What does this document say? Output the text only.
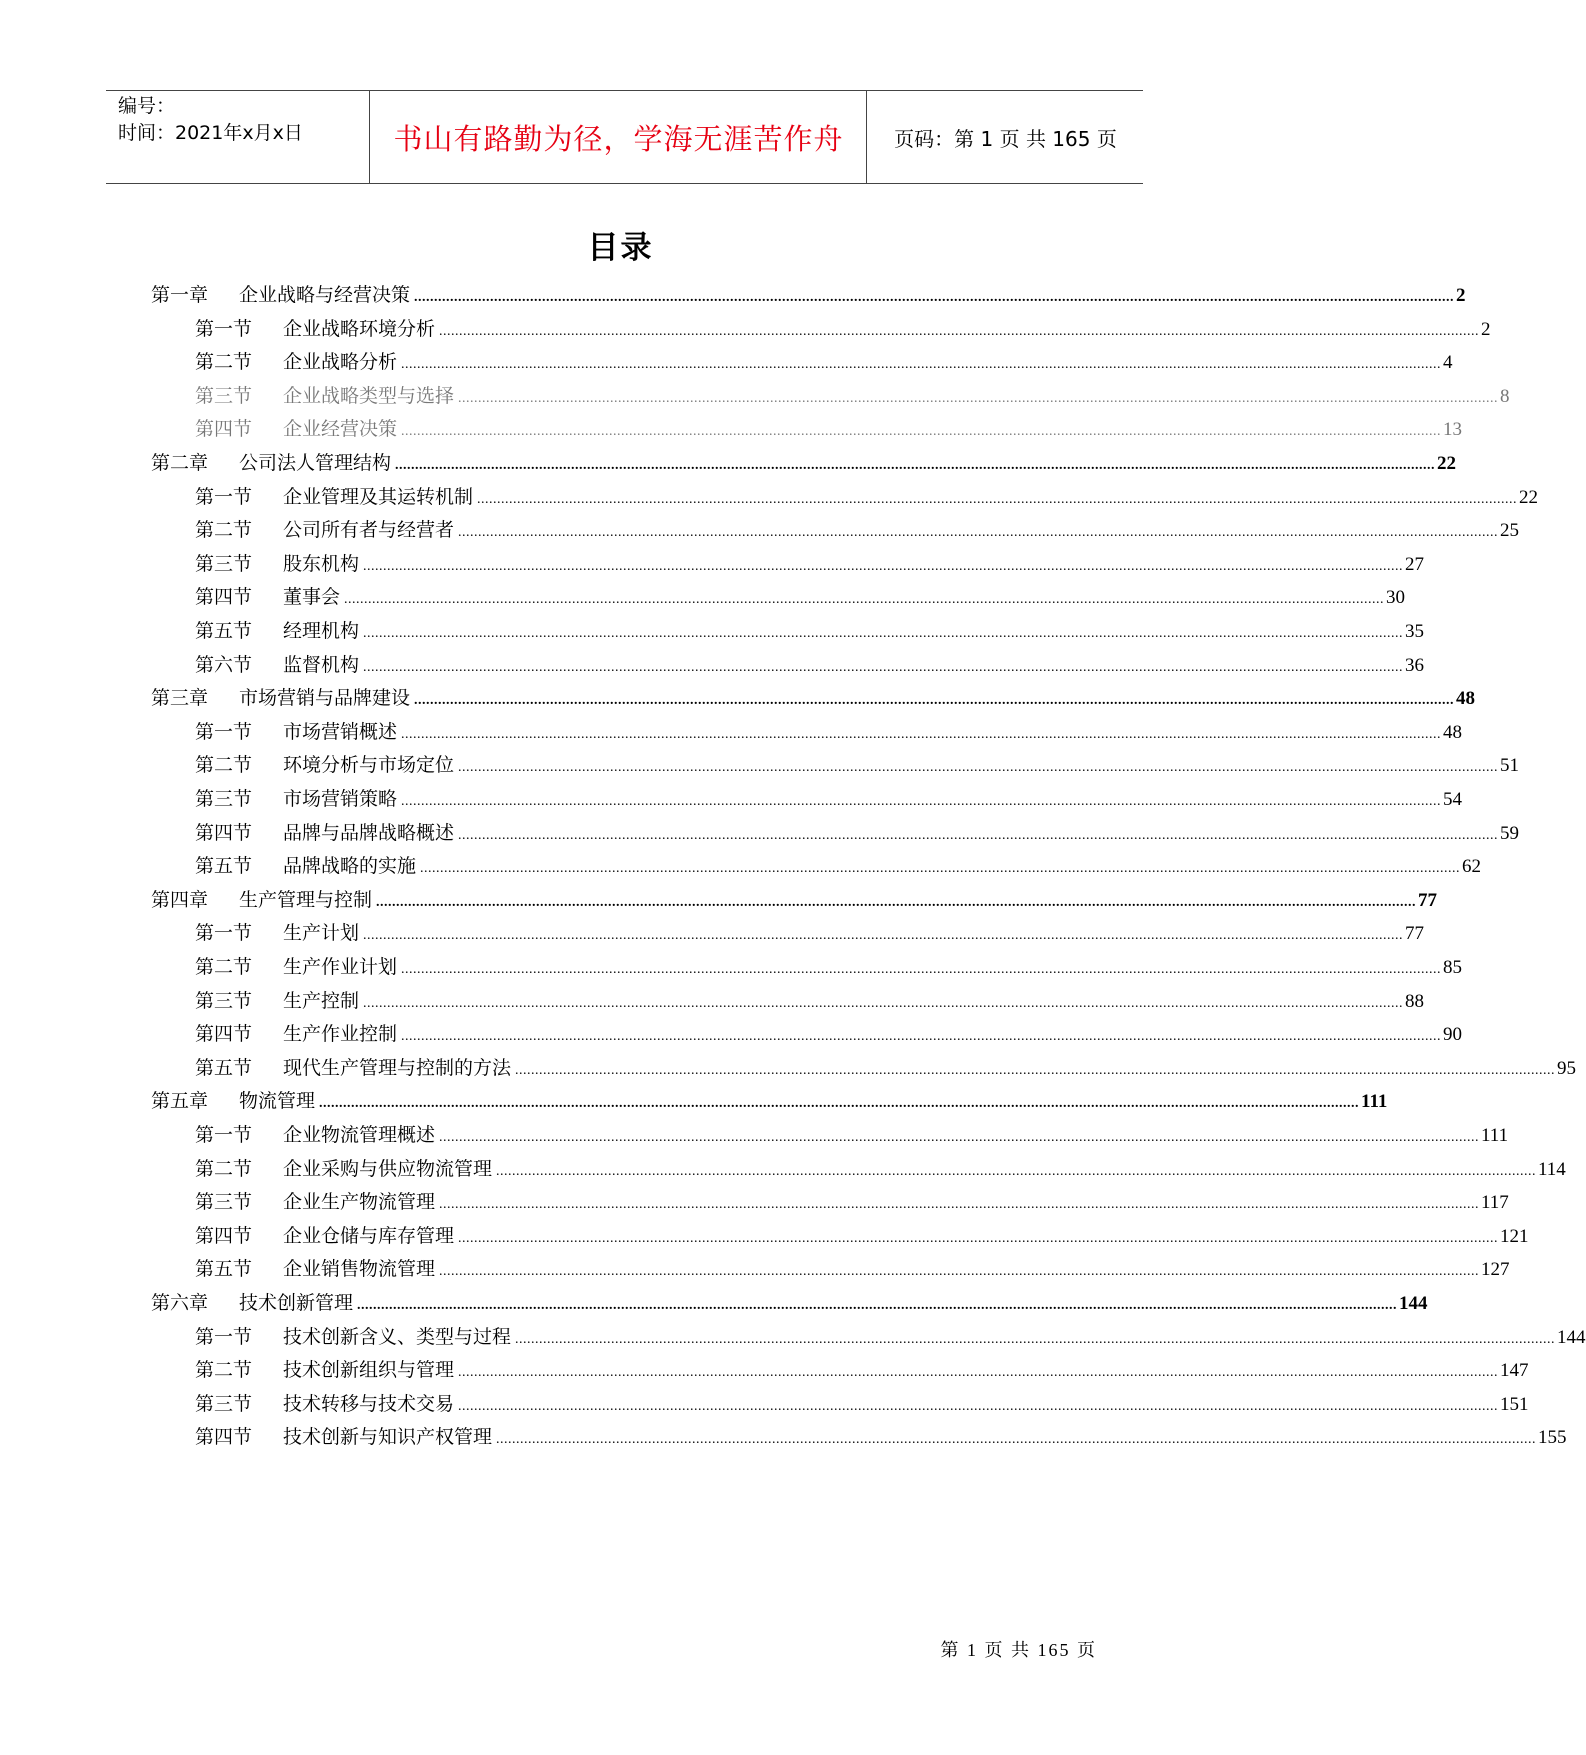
编号：
时间：2021年x月x日	书山有路勤为径，学海无涯苦作舟	页码：第 1 页 共 165 页
目录
第一章	企业战略与经营决策 .................................................................................................................................................................................................................................................................... 2
第一节	企业战略环境分析 .................................................................................................................................................................................................................................................................... 2
第二节	企业战略分析 .................................................................................................................................................................................................................................................................... 4
第三节	企业战略类型与选择 .................................................................................................................................................................................................................................................................... 8
第四节	企业经营决策 .................................................................................................................................................................................................................................................................... 13
第二章	公司法人管理结构 .................................................................................................................................................................................................................................................................... 22
第一节	企业管理及其运转机制 .................................................................................................................................................................................................................................................................... 22
第二节	公司所有者与经营者 .................................................................................................................................................................................................................................................................... 25
第三节	股东机构 .................................................................................................................................................................................................................................................................... 27
第四节	董事会 .................................................................................................................................................................................................................................................................... 30
第五节	经理机构 .................................................................................................................................................................................................................................................................... 35
第六节	监督机构 .................................................................................................................................................................................................................................................................... 36
第三章	市场营销与品牌建设 .................................................................................................................................................................................................................................................................... 48
第一节	市场营销概述 .................................................................................................................................................................................................................................................................... 48
第二节	环境分析与市场定位 .................................................................................................................................................................................................................................................................... 51
第三节	市场营销策略 .................................................................................................................................................................................................................................................................... 54
第四节	品牌与品牌战略概述 .................................................................................................................................................................................................................................................................... 59
第五节	品牌战略的实施 .................................................................................................................................................................................................................................................................... 62
第四章	生产管理与控制 .................................................................................................................................................................................................................................................................... 77
第一节	生产计划 .................................................................................................................................................................................................................................................................... 77
第二节	生产作业计划 .................................................................................................................................................................................................................................................................... 85
第三节	生产控制 .................................................................................................................................................................................................................................................................... 88
第四节	生产作业控制 .................................................................................................................................................................................................................................................................... 90
第五节	现代生产管理与控制的方法 .................................................................................................................................................................................................................................................................... 95
第五章	物流管理 .................................................................................................................................................................................................................................................................... 111
第一节	企业物流管理概述 .................................................................................................................................................................................................................................................................... 111
第二节	企业采购与供应物流管理 .................................................................................................................................................................................................................................................................... 114
第三节	企业生产物流管理 .................................................................................................................................................................................................................................................................... 117
第四节	企业仓储与库存管理 .................................................................................................................................................................................................................................................................... 121
第五节	企业销售物流管理 .................................................................................................................................................................................................................................................................... 127
第六章	技术创新管理 .................................................................................................................................................................................................................................................................... 144
第一节	技术创新含义、类型与过程 .................................................................................................................................................................................................................................................................... 144
第二节	技术创新组织与管理 .................................................................................................................................................................................................................................................................... 147
第三节	技术转移与技术交易 .................................................................................................................................................................................................................................................................... 151
第四节	技术创新与知识产权管理 .................................................................................................................................................................................................................................................................... 155
第 1 页 共 165 页
